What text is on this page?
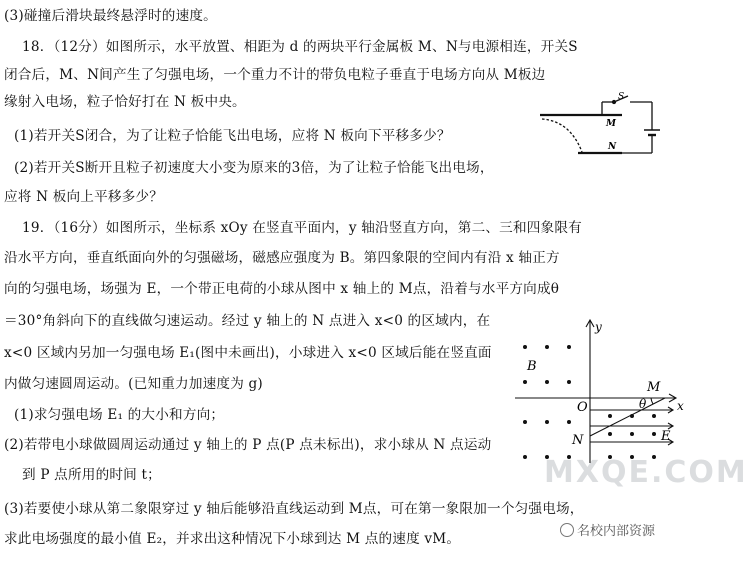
(3)碰撞后滑块最终悬浮时的速度。
18．（12分）如图所示，水平放置、相距为 d 的两块平行金属板 M、N与电源相连，开关S
闭合后，M、N间产生了匀强电场，一个重力不计的带负电粒子垂直于电场方向从 M板边
缘射入电场，粒子恰好打在 N 板中央。
(1)若开关S闭合，为了让粒子恰能飞出电场，应将 N 板向下平移多少？
(2)若开关S断开且粒子初速度大小变为原来的3倍，为了让粒子恰能飞出电场，
应将 N 板向上平移多少？
19．（16分）如图所示，坐标系 xOy 在竖直平面内，y 轴沿竖直方向，第二、三和四象限有
沿水平方向，垂直纸面向外的匀强磁场，磁感应强度为 B。第四象限的空间内有沿 x 轴正方
向的匀强电场，场强为 E，一个带正电荷的小球从图中 x 轴上的 M点，沿着与水平方向成θ
＝30°角斜向下的直线做匀速运动。经过 y 轴上的 N 点进入 x<0 的区域内，在
x<0 区域内另加一匀强电场 E₁(图中未画出)，小球进入 x<0 区域后能在竖直面
内做匀速圆周运动。(已知重力加速度为 g)
(1)求匀强电场 E₁ 的大小和方向；
(2)若带电小球做圆周运动通过 y 轴上的 P 点(P 点未标出)，求小球从 N 点运动
到 P 点所用的时间 t；
(3)若要使小球从第二象限穿过 y 轴后能够沿直线运动到 M点，可在第一象限加一个匀强电场，
求此电场强度的最小值 E₂，并求出这种情况下小球到达 M 点的速度 vM。
S
M
N
y
x
B
O	θ
M
N	E
MXQE.COM
名校内部资源
